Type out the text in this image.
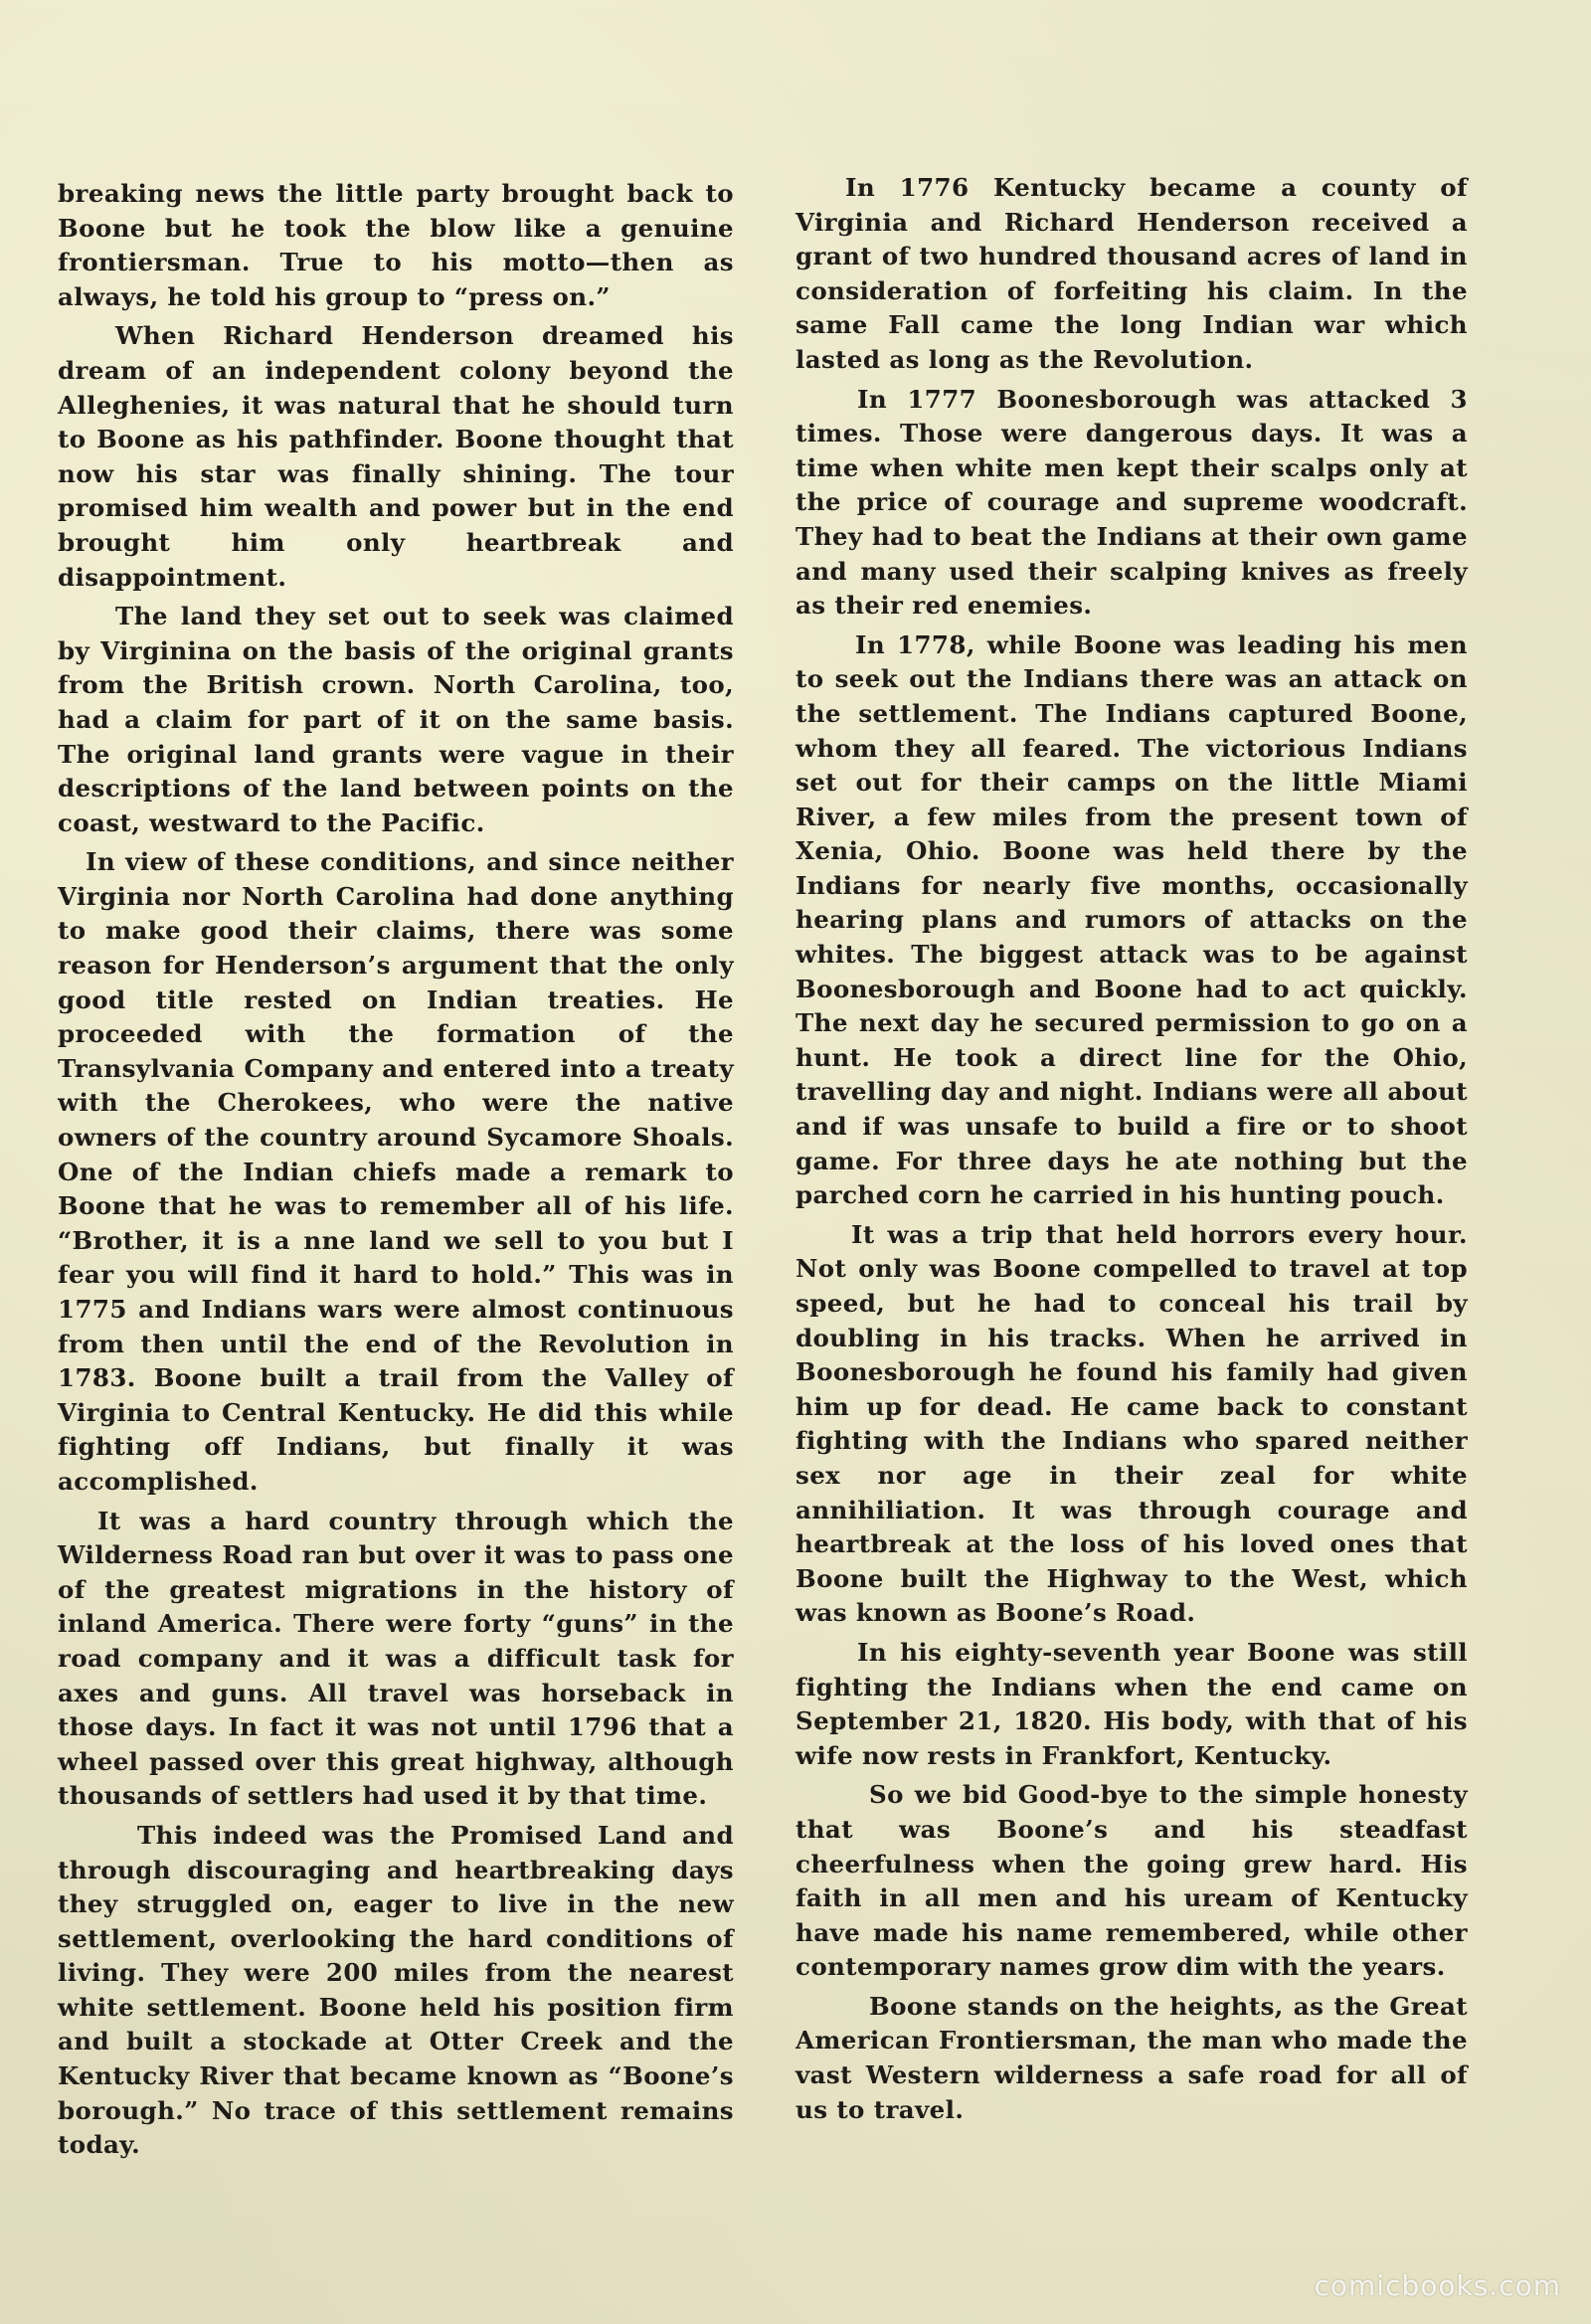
breaking news the little party brought back to Boone but he took the blow like a genuine frontiersman. True to his motto—then as always, he told his group to “press on.”

When Richard Henderson dreamed his dream of an independent colony beyond the Alleghenies, it was natural that he should turn to Boone as his pathfinder. Boone thought that now his star was finally shining. The tour promised him wealth and power but in the end brought him only heartbreak and disappointment.

The land they set out to seek was claimed by Virginina on the basis of the original grants from the British crown. North Carolina, too, had a claim for part of it on the same basis. The original land grants were vague in their descriptions of the land between points on the coast, westward to the Pacific.

In view of these conditions, and since neither Virginia nor North Carolina had done anything to make good their claims, there was some reason for Henderson’s argument that the only good title rested on Indian treaties. He proceeded with the formation of the Transylvania Company and entered into a treaty with the Cherokees, who were the native owners of the country around Sycamore Shoals. One of the Indian chiefs made a remark to Boone that he was to remember all of his life. “Brother, it is a nne land we sell to you but I fear you will find it hard to hold.” This was in 1775 and Indians wars were almost continuous from then until the end of the Revolution in 1783. Boone built a trail from the Valley of Virginia to Central Kentucky. He did this while fighting off Indians, but finally it was accomplished.

It was a hard country through which the Wilderness Road ran but over it was to pass one of the greatest migrations in the history of inland America. There were forty “guns” in the road company and it was a difficult task for axes and guns. All travel was horseback in those days. In fact it was not until 1796 that a wheel passed over this great highway, although thousands of settlers had used it by that time.

This indeed was the Promised Land and through discouraging and heartbreaking days they struggled on, eager to live in the new settlement, overlooking the hard conditions of living. They were 200 miles from the nearest white settlement. Boone held his position firm and built a stockade at Otter Creek and the Kentucky River that became known as “Boone’s borough.” No trace of this settlement remains today.

In 1776 Kentucky became a county of Virginia and Richard Henderson received a grant of two hundred thousand acres of land in consideration of forfeiting his claim. In the same Fall came the long Indian war which lasted as long as the Revolution.

In 1777 Boonesborough was attacked 3 times. Those were dangerous days. It was a time when white men kept their scalps only at the price of courage and supreme woodcraft. They had to beat the Indians at their own game and many used their scalping knives as freely as their red enemies.

In 1778, while Boone was leading his men to seek out the Indians there was an attack on the settlement. The Indians captured Boone, whom they all feared. The victorious Indians set out for their camps on the little Miami River, a few miles from the present town of Xenia, Ohio. Boone was held there by the Indians for nearly five months, occasionally hearing plans and rumors of attacks on the whites. The biggest attack was to be against Boonesborough and Boone had to act quickly. The next day he secured permission to go on a hunt. He took a direct line for the Ohio, travelling day and night. Indians were all about and if was unsafe to build a fire or to shoot game. For three days he ate nothing but the parched corn he carried in his hunting pouch.

It was a trip that held horrors every hour. Not only was Boone compelled to travel at top speed, but he had to conceal his trail by doubling in his tracks. When he arrived in Boonesborough he found his family had given him up for dead. He came back to constant fighting with the Indians who spared neither sex nor age in their zeal for white annihiliation. It was through courage and heartbreak at the loss of his loved ones that Boone built the Highway to the West, which was known as Boone’s Road.

In his eighty-seventh year Boone was still fighting the Indians when the end came on September 21, 1820. His body, with that of his wife now rests in Frankfort, Kentucky.

So we bid Good-bye to the simple honesty that was Boone’s and his steadfast cheerfulness when the going grew hard. His faith in all men and his uream of Kentucky have made his name remembered, while other contemporary names grow dim with the years.

Boone stands on the heights, as the Great American Frontiersman, the man who made the vast Western wilderness a safe road for all of us to travel.

comicbooks.com
